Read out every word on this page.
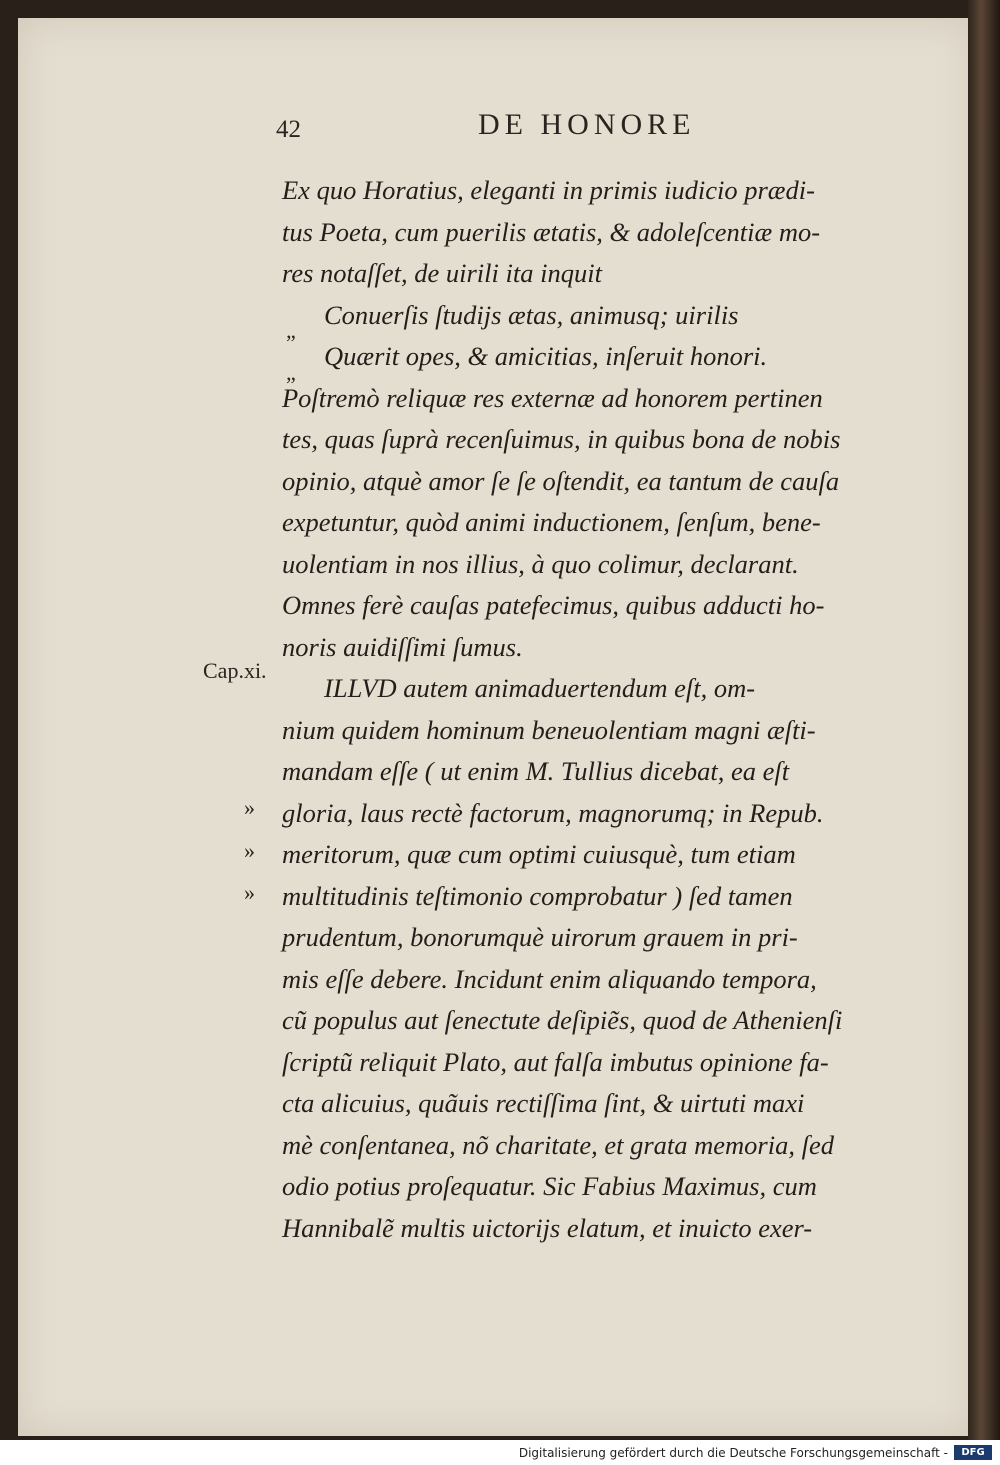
42	DE HONORE
Cap.xi.
„
„
»
»
»
Ex quo Horatius, eleganti in primis iudicio prædi-
tus Poeta, cum puerilis ætatis, & adoleſcentiæ mo-
res notaſſet, de uirili ita inquit
Conuerſis ſtudijs ætas, animusq; uirilis
Quærit opes, & amicitias, inſeruit honori.
Poſtremò reliquæ res externæ ad honorem pertinen
tes, quas ſuprà recenſuimus, in quibus bona de nobis
opinio, atquè amor ſe ſe oſtendit, ea tantum de cauſa
expetuntur, quòd animi inductionem, ſenſum, bene-
uolentiam in nos illius, à quo colimur, declarant.
Omnes ferè cauſas patefecimus, quibus adducti ho-
noris auidiſſimi ſumus.
ILLVD autem animaduertendum eſt, om-
nium quidem hominum beneuolentiam magni æſti-
mandam eſſe ( ut enim M. Tullius dicebat, ea eſt
gloria, laus rectè factorum, magnorumq; in Repub.
meritorum, quæ cum optimi cuiusquè, tum etiam
multitudinis teſtimonio comprobatur ) ſed tamen
prudentum, bonorumquè uirorum grauem in pri-
mis eſſe debere. Incidunt enim aliquando tempora,
cũ populus aut ſenectute deſipiẽs, quod de Athenienſi
ſcriptũ reliquit Plato, aut falſa imbutus opinione fa-
cta alicuius, quãuis rectiſſima ſint, & uirtuti maxi
mè conſentanea, nõ charitate, et grata memoria, ſed
odio potius proſequatur. Sic Fabius Maximus, cum
Hannibalẽ multis uictorijs elatum, et inuicto exer-
Digitalisierung gefördert durch die Deutsche Forschungsgemeinschaft -	DFG
